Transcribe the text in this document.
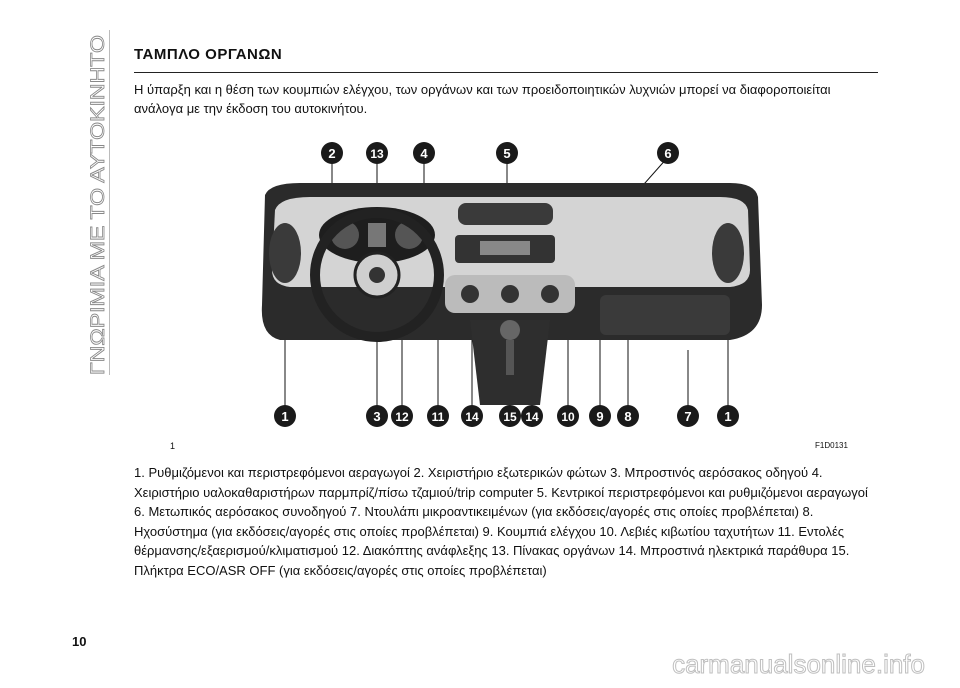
ΓΝΩΡΙΜΙΑ ΜΕ ΤΟ ΑΥΤΟΚΙΝΗΤΟ
ΤΑΜΠΛΟ ΟΡΓΑΝΩΝ
Η ύπαρξη και η θέση των κουμπιών ελέγχου, των οργάνων και των προειδοποιητικών λυχνιών μπορεί να διαφοροποιείται ανάλογα με την έκδοση του αυτοκινήτου.
2	13	4	5	6
1	3 12 11 14 15 14 10 9 8	7	1
1	F1D0131
1. Ρυθμιζόμενοι και περιστρεφόμενοι αεραγωγοί 2. Χειριστήριο εξωτερικών φώτων 3. Μπροστινός αερόσακος οδηγού 4. Χειριστήριο υαλοκαθαριστήρων παρμπρίζ/πίσω τζαμιού/trip computer 5. Κεντρικοί περιστρεφόμενοι και ρυθμιζόμενοι αεραγωγοί 6. Μετωπικός αερόσακος συνοδηγού 7. Ντουλάπι μικροαντικειμένων (για εκδόσεις/αγορές στις οποίες προβλέπεται) 8. Ηχοσύστημα (για εκδόσεις/αγορές στις οποίες προβλέπεται) 9. Κουμπιά ελέγχου 10. Λεβιές κιβωτίου ταχυτήτων 11. Εντολές θέρμανσης/εξαερισμού/κλιματισμού 12. Διακόπτης ανάφλεξης 13. Πίνακας οργάνων 14. Μπροστινά ηλεκτρικά παράθυρα 15. Πλήκτρα ECO/ASR OFF (για εκδόσεις/αγορές στις οποίες προβλέπεται)
10
carmanualsonline.info
